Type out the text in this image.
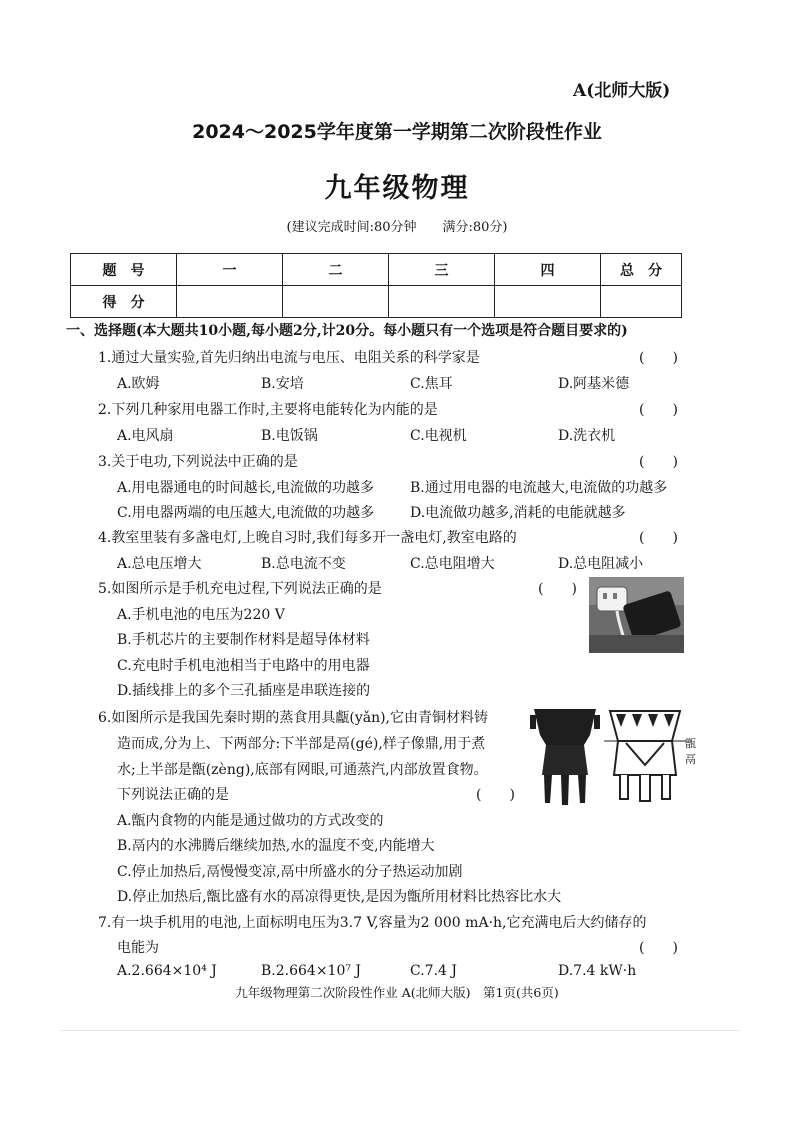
A(北师大版)
2024～2025学年度第一学期第二次阶段性作业
九年级物理
(建议完成时间:80分钟 满分:80分)
题　号	一	二	三	四	总　分
得　分					
一、选择题(本大题共10小题,每小题2分,计20分。每小题只有一个选项是符合题目要求的)
1.通过大量实验,首先归纳出电流与电压、电阻关系的科学家是	(　　)
A.欧姆	B.安培	C.焦耳	D.阿基米德
2.下列几种家用电器工作时,主要将电能转化为内能的是	(　　)
A.电风扇	B.电饭锅	C.电视机	D.洗衣机
3.关于电功,下列说法中正确的是	(　　)
A.用电器通电的时间越长,电流做的功越多	B.通过用电器的电流越大,电流做的功越多
C.用电器两端的电压越大,电流做的功越多	D.电流做功越多,消耗的电能就越多
4.教室里装有多盏电灯,上晚自习时,我们每多开一盏电灯,教室电路的	(　　)
A.总电压增大	B.总电流不变	C.总电阻增大	D.总电阻减小
5.如图所示是手机充电过程,下列说法正确的是	(　　)
A.手机电池的电压为220 V
B.手机芯片的主要制作材料是超导体材料
C.充电时手机电池相当于电路中的用电器
D.插线排上的多个三孔插座是串联连接的
6.如图所示是我国先秦时期的蒸食用具甗(yǎn),它由青铜材料铸
造而成,分为上、下两部分:下半部是鬲(gé),样子像鼎,用于煮
水;上半部是甑(zèng),底部有网眼,可通蒸汽,内部放置食物。
下列说法正确的是	(　　)
A.甑内食物的内能是通过做功的方式改变的
B.鬲内的水沸腾后继续加热,水的温度不变,内能增大
C.停止加热后,鬲慢慢变凉,鬲中所盛水的分子热运动加剧
D.停止加热后,甑比盛有水的鬲凉得更快,是因为甑所用材料比热容比水大
甑
鬲
7.有一块手机用的电池,上面标明电压为3.7 V,容量为2 000 mA·h,它充满电后大约储存的
电能为	(　　)
A.2.664×10⁴ J	B.2.664×10⁷ J	C.7.4 J	D.7.4 kW·h
九年级物理第二次阶段性作业 A(北师大版)　第1页(共6页)
